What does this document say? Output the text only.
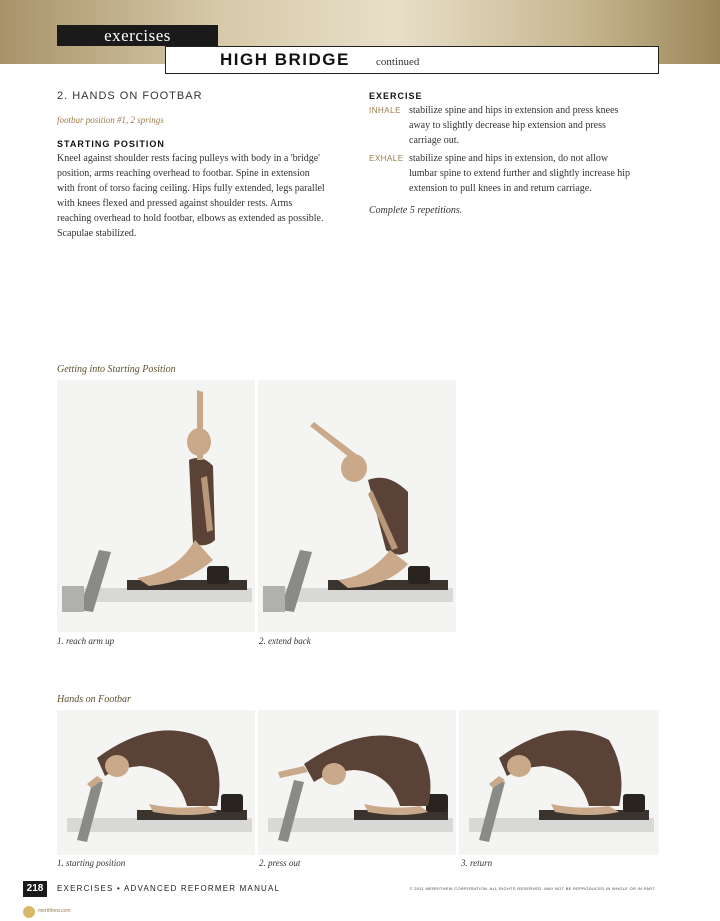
exercises
HIGH BRIDGE continued
2. HANDS ON FOOTBAR
footbar position #1, 2 springs
STARTING POSITION
Kneel against shoulder rests facing pulleys with body in a 'bridge'
position, arms reaching overhead to footbar. Spine in extension
with front of torso facing ceiling. Hips fully extended, legs parallel
with knees flexed and pressed against shoulder rests. Arms
reaching overhead to hold footbar, elbows as extended as possible.
Scapulae stabilized.
EXERCISE
INHALE stabilize spine and hips in extension and press knees
away to slightly decrease hip extension and press
carriage out.
EXHALE stabilize spine and hips in extension, do not allow
lumbar spine to extend further and slightly increase hip
extension to pull knees in and return carriage.
Complete 5 repetitions.
Getting into Starting Position
1. reach arm up	2. extend back
Hands on Footbar
1. starting position	2. press out	3. return
218	EXERCISES • ADVANCED REFORMER MANUAL	© 2011 MERRITHEW CORPORATION. ALL RIGHTS RESERVED. MAY NOT BE REPRODUCED IN WHOLE OR IN PART.
merrithew.com
